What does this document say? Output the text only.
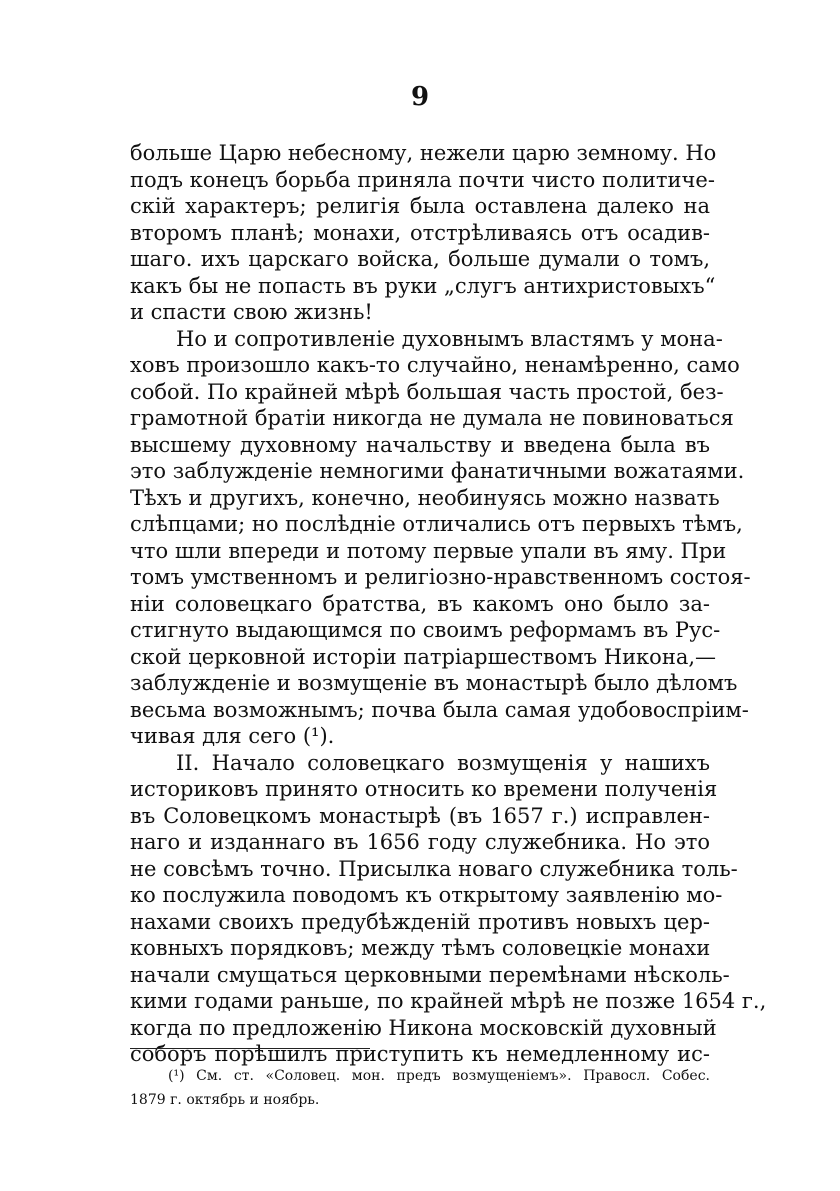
9
больше Царю небесному, нежели царю земному. Но
подъ конецъ борьба приняла почти чисто политиче-
скій характеръ; религія была оставлена далеко на
второмъ планѣ; монахи, отстрѣливаясь отъ осадив-
шаго. ихъ царскаго войска, больше думали о томъ,
какъ бы не попасть въ руки „слугъ антихристовыхъ“
и спасти свою жизнь!
Но и сопротивленіе духовнымъ властямъ у мона-
ховъ произошло какъ-то случайно, ненамѣренно, само
собой. По крайней мѣрѣ большая часть простой, без-
грамотной братіи никогда не думала не повиноваться
высшему духовному начальству и введена была въ
это заблужденіе немногими фанатичными вожатаями.
Тѣхъ и другихъ, конечно, необинуясь можно назвать
слѣпцами; но послѣдніе отличались отъ первыхъ тѣмъ,
что шли впереди и потому первые упали въ яму. При
томъ умственномъ и религіозно-нравственномъ состоя-
ніи соловецкаго братства, въ какомъ оно было за-
стигнуто выдающимся по своимъ реформамъ въ Рус-
ской церковной исторіи патріаршествомъ Никона,—
заблужденіе и возмущеніе въ монастырѣ было дѣломъ
весьма возможнымъ; почва была самая удобовоспріим-
чивая для сего (¹).
II. Начало соловецкаго возмущенія у нашихъ
историковъ принято относить ко времени полученія
въ Соловецкомъ монастырѣ (въ 1657 г.) исправлен-
наго и изданнаго въ 1656 году служебника. Но это
не совсѣмъ точно. Присылка новаго служебника толь-
ко послужила поводомъ къ открытому заявленію мо-
нахами своихъ предубѣжденій противъ новыхъ цер-
ковныхъ порядковъ; между тѣмъ соловецкіе монахи
начали смущаться церковными перемѣнами нѣсколь-
кими годами раньше, по крайней мѣрѣ не позже 1654 г.,
когда по предложенію Никона московскій духовный
соборъ порѣшилъ приступить къ немедленному ис-
(¹) См. ст. «Соловец. мон. предъ возмущеніемъ». Правосл. Собес.
1879 г. октябрь и ноябрь.
